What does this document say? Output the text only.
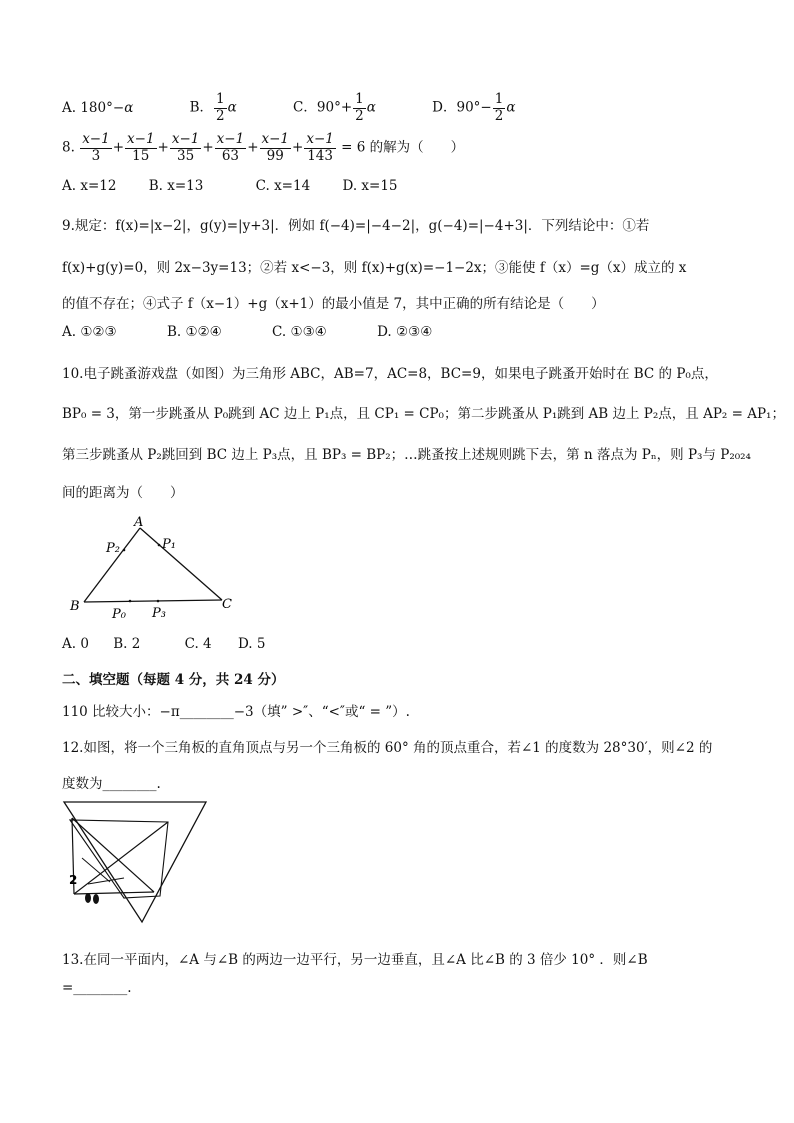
A. 180°−α	B． $\frac{1}{2}$ α	C．$90^\circ+ \frac{1}{2}$ α	D．$90^\circ- \frac{1}{2}$ α
8. $\frac{x-1}{3} + \frac{x-1}{15} + \frac{x-1}{35} + \frac{x-1}{63} + \frac{x-1}{99} + \frac{x-1}{143} = 6$ 的解为（　　）
A. x=12 B. x=13	C. x=14 D. x=15
9.规定：f(x)=|x−2|，g(y)=|y+3|．例如 f(−4)=|−4−2|，g(−4)=|−4+3|．下列结论中：①若
f(x)+g(y)=0，则 2x−3y=13；②若 x<−3，则 f(x)+g(x)=−1−2x；③能使 f（x）=g（x）成立的 x
的值不存在；④式子 f（x−1）+g（x+1）的最小值是 7，其中正确的所有结论是（　　）
A. ①②③	B. ①②④	C. ①③④	D. ②③④
10.电子跳蚤游戏盘（如图）为三角形 ABC，AB=7，AC=8，BC=9，如果电子跳蚤开始时在 BC 的 P₀点，
BP₀ = 3，第一步跳蚤从 P₀跳到 AC 边上 P₁点，且 CP₁ = CP₀；第二步跳蚤从 P₁跳到 AB 边上 P₂点，且 AP₂ = AP₁；
第三步跳蚤从 P₂跳回到 BC 边上 P₃点，且 BP₃ = BP₂；…跳蚤按上述规则跳下去，第 n 落点为 Pₙ，则 P₃与 P₂₀₂₄
间的距离为（　　）
A
B	C
P₂	P₁
P₀ P₃
A. 0 B. 2	C. 4 D. 5
二、填空题（每题 4 分，共 24 分）
110 比较大小：−π________−3（填” >″、“<″或“ = ”）.
12.如图，将一个三角板的直角顶点与另一个三角板的 60° 角的顶点重合，若∠1 的度数为 28°30′，则∠2 的
度数为________.
2
13.在同一平面内，∠A 与∠B 的两边一边平行，另一边垂直，且∠A 比∠B 的 3 倍少 10° ．则∠B
=________.
